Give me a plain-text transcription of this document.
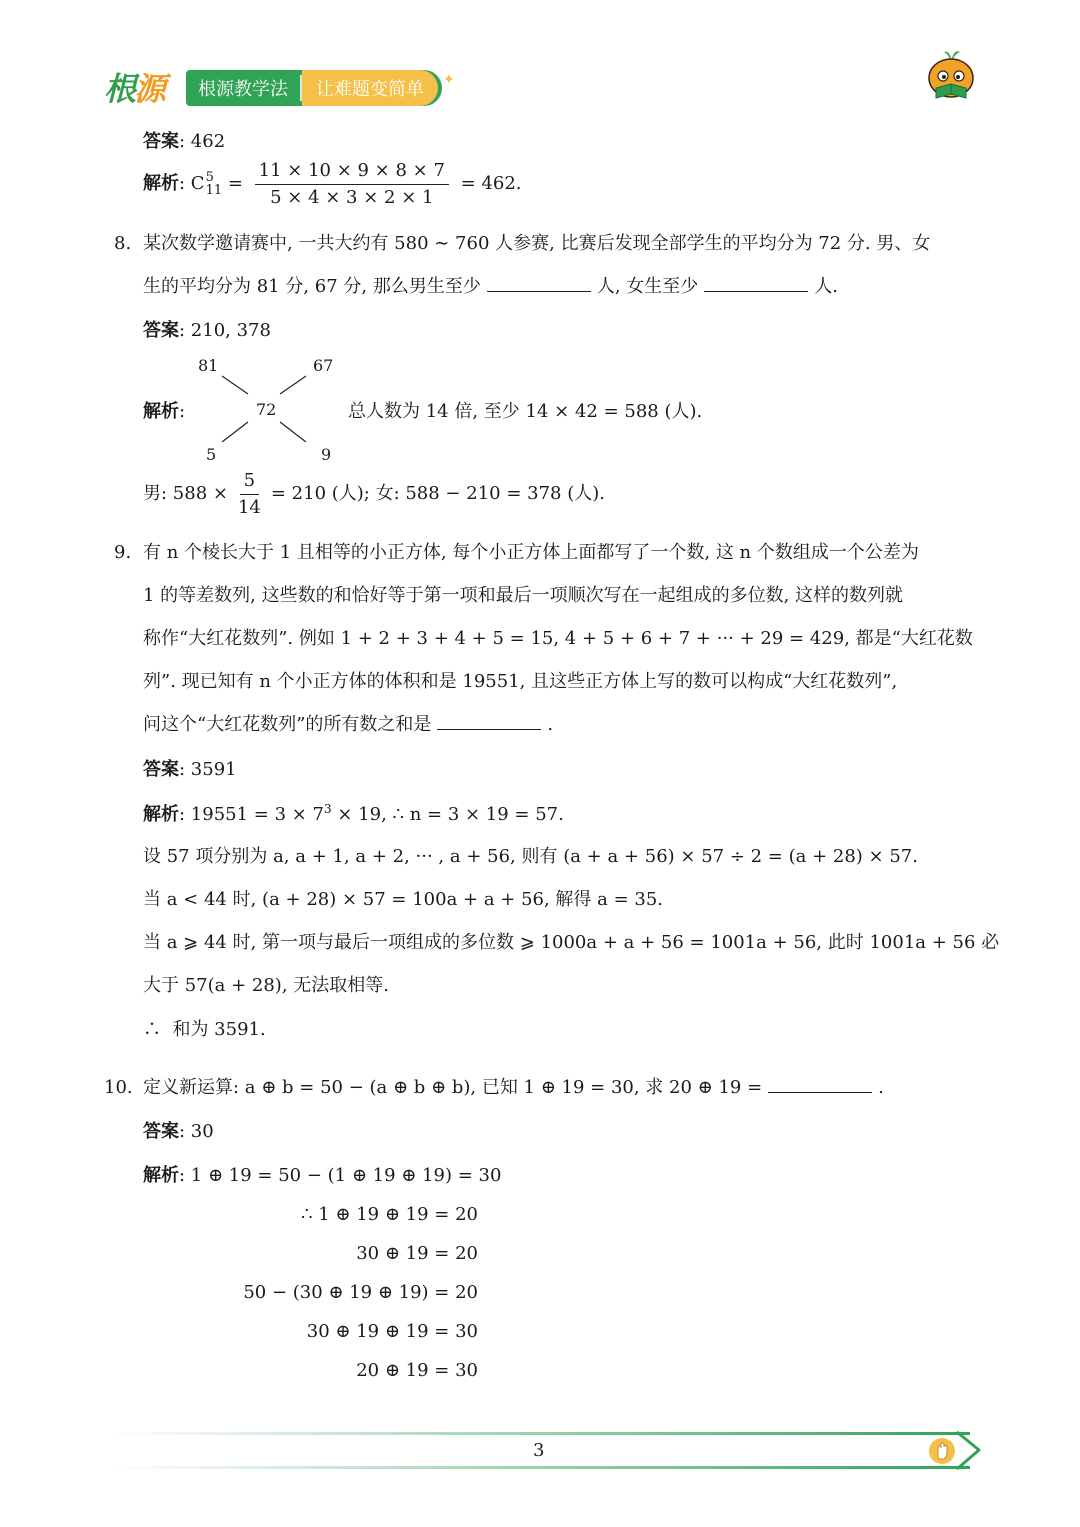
根源	根源教学法	让难题变简单	✦
答案: 462
解析 : C 5
$11 = \frac{11 \times 10 \times 9 \times 8 \times 7}{5 \times 4 \times 3 \times 2 \times 1} = 462$.
8. 某次数学邀请赛中, 一共大约有 580 ∼ 760 人参赛, 比赛后发现全部学生的平均分为 72 分. 男、女
生的平均分为 81 分, 67 分, 那么男生至少	人, 女生至少	人.
答案: 210, 378
解析:
81	67
72
5	9
总人数为 14 倍, 至少 14 × 42 = 588 (人).
男: $588 \times \frac{5}{14} = 210$ (人); 女: 588 − 210 = 378 (人).
9. 有 n 个棱长大于 1 且相等的小正方体, 每个小正方体上面都写了一个数, 这 n 个数组成一个公差为
1 的等差数列, 这些数的和恰好等于第一项和最后一项顺次写在一起组成的多位数, 这样的数列就
称作“大红花数列”. 例如 1 + 2 + 3 + 4 + 5 = 15, 4 + 5 + 6 + 7 + ··· + 29 = 429, 都是“大红花数
列”. 现已知有 n 个小正方体的体积和是 19551, 且这些正方体上写的数可以构成“大红花数列”,
问这个“大红花数列”的所有数之和是	.
答案: 3591
解析: $19551 = 3 \times 7^3 \times 19$, ∴ n = 3 × 19 = 57.
设 57 项分别为 a, a + 1, a + 2, ··· , a + 56, 则有 (a + a + 56) × 57 ÷ 2 = (a + 28) × 57.
当 a < 44 时, (a + 28) × 57 = 100a + a + 56, 解得 a = 35.
当 a ⩾ 44 时, 第一项与最后一项组成的多位数 ⩾ 1000a + a + 56 = 1001a + 56, 此时 1001a + 56 必
大于 57(a + 28), 无法取相等.
∴  和为 3591.
10. 定义新运算: a ⊕ b = 50 − (a ⊕ b ⊕ b), 已知 1 ⊕ 19 = 30, 求 20 ⊕ 19 =	.
答案: 30
解析: 1 ⊕ 19 = 50 − (1 ⊕ 19 ⊕ 19) = 30
∴ 1 ⊕ 19 ⊕ 19 = 20
30 ⊕ 19 = 20
50 − (30 ⊕ 19 ⊕ 19) = 20
30 ⊕ 19 ⊕ 19 = 30
20 ⊕ 19 = 30
3
